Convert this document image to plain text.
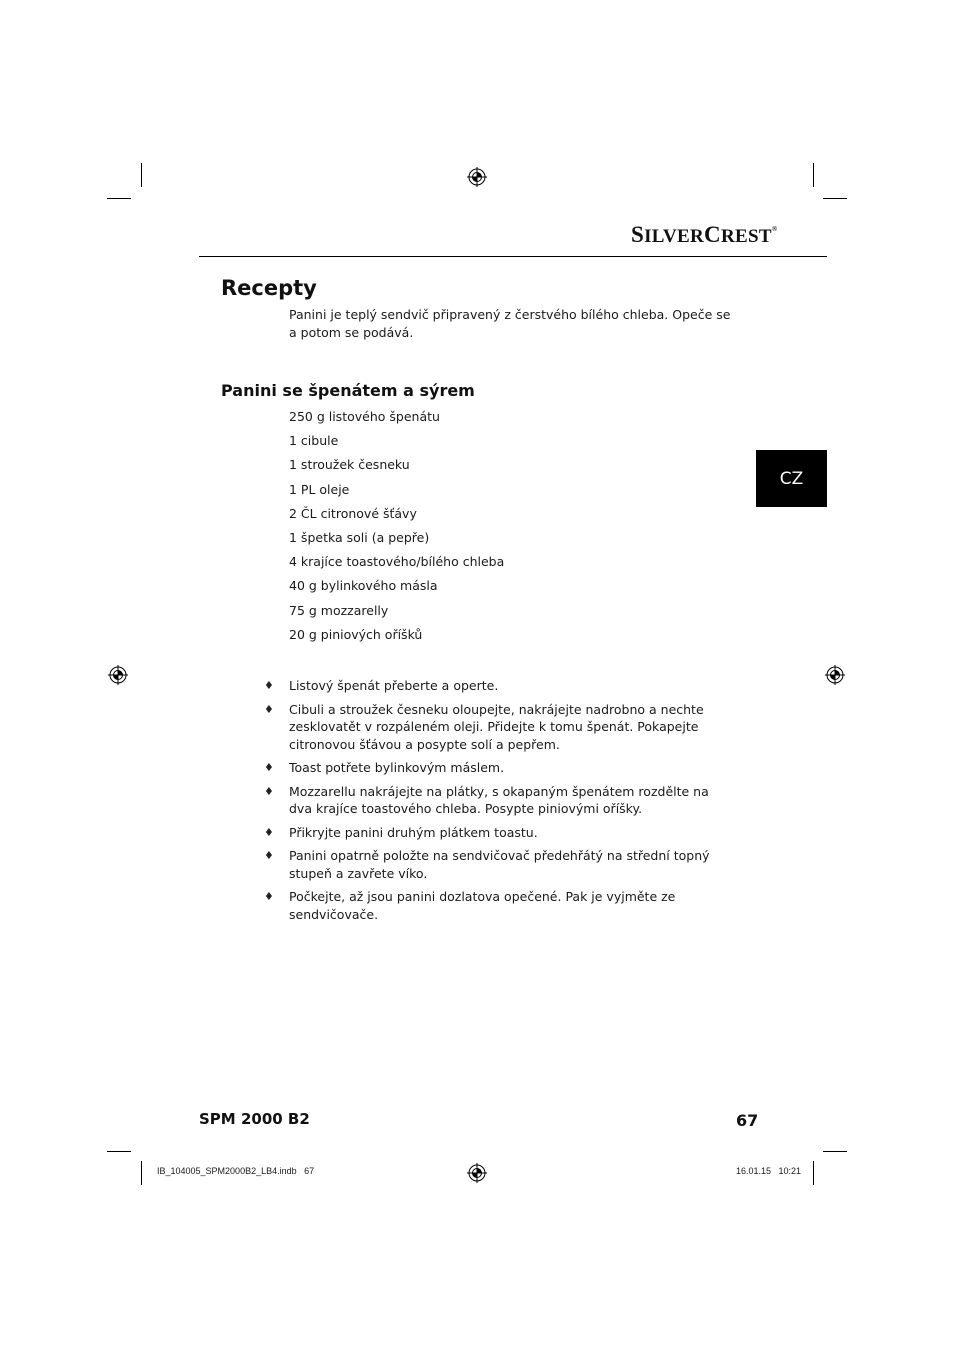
SILVERCREST®
Recepty
Panini je teplý sendvič připravený z čerstvého bílého chleba. Opeče se a potom se podává.
Panini se špenátem a sýrem
250 g listového špenátu
1 cibule
1 stroužek česneku
1 PL oleje
2 ČL citronové šťávy
1 špetka soli (a pepře)
4 krajíce toastového/bílého chleba
40 g bylinkového másla
75 g mozzarelly
20 g piniových oříšků
♦ Listový špenát přeberte a operte.
♦ Cibuli a stroužek česneku oloupejte, nakrájejte nadrobno a nechte zesklovatět v rozpáleném oleji. Přidejte k tomu špenát. Pokapejte citronovou šťávou a posypte solí a pepřem.
♦ Toast potřete bylinkovým máslem.
♦ Mozzarellu nakrájejte na plátky, s okapaným špenátem rozdělte na dva krajíce toastového chleba. Posypte piniovými oříšky.
♦ Přikryjte panini druhým plátkem toastu.
♦ Panini opatrně položte na sendvičovač předehřátý na střední topný stupeň a zavřete víko.
♦ Počkejte, až jsou panini dozlatova opečené. Pak je vyjměte ze sendvičovače.
CZ
SPM 2000 B2	67
IB_104005_SPM2000B2_LB4.indb   67	16.01.15   10:21
